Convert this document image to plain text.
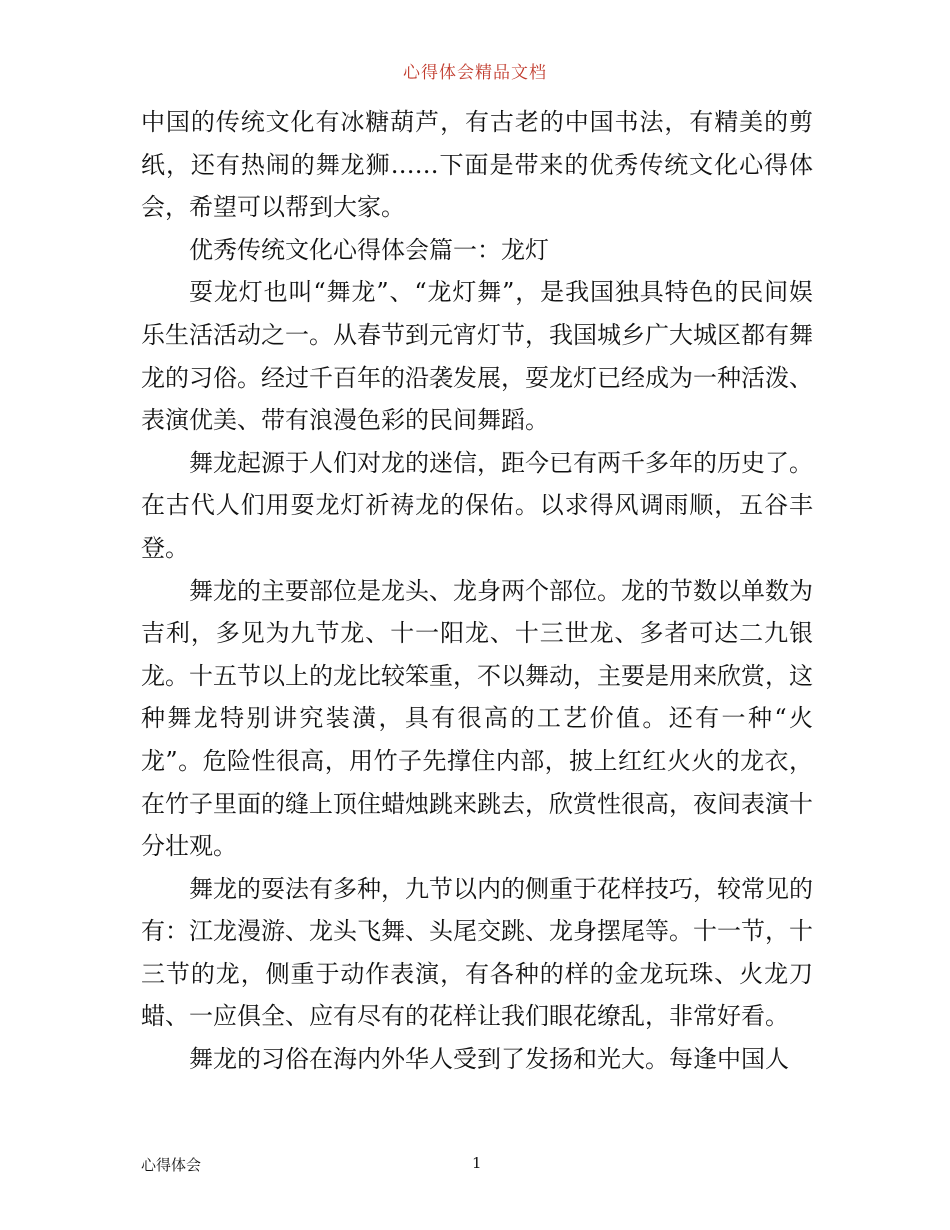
心得体会精品文档

中国的传统文化有冰糖葫芦，有古老的中国书法，有精美的剪纸，还有热闹的舞龙狮……下面是带来的优秀传统文化心得体会，希望可以帮到大家。

优秀传统文化心得体会篇一：龙灯

耍龙灯也叫“舞龙”、“龙灯舞”，是我国独具特色的民间娱乐生活活动之一。从春节到元宵灯节，我国城乡广大城区都有舞龙的习俗。经过千百年的沿袭发展，耍龙灯已经成为一种活泼、表演优美、带有浪漫色彩的民间舞蹈。

舞龙起源于人们对龙的迷信，距今已有两千多年的历史了。在古代人们用耍龙灯祈祷龙的保佑。以求得风调雨顺，五谷丰登。

舞龙的主要部位是龙头、龙身两个部位。龙的节数以单数为吉利，多见为九节龙、十一阳龙、十三世龙、多者可达二九银龙。十五节以上的龙比较笨重，不以舞动，主要是用来欣赏，这种舞龙特别讲究装潢，具有很高的工艺价值。还有一种“火龙”。危险性很高，用竹子先撑住内部，披上红红火火的龙衣，在竹子里面的缝上顶住蜡烛跳来跳去，欣赏性很高，夜间表演十分壮观。

舞龙的耍法有多种，九节以内的侧重于花样技巧，较常见的有：江龙漫游、龙头飞舞、头尾交跳、龙身摆尾等。十一节，十三节的龙，侧重于动作表演，有各种的样的金龙玩珠、火龙刀蜡、一应俱全、应有尽有的花样让我们眼花缭乱，非常好看。

舞龙的习俗在海内外华人受到了发扬和光大。每逢中国人

心得体会	1
